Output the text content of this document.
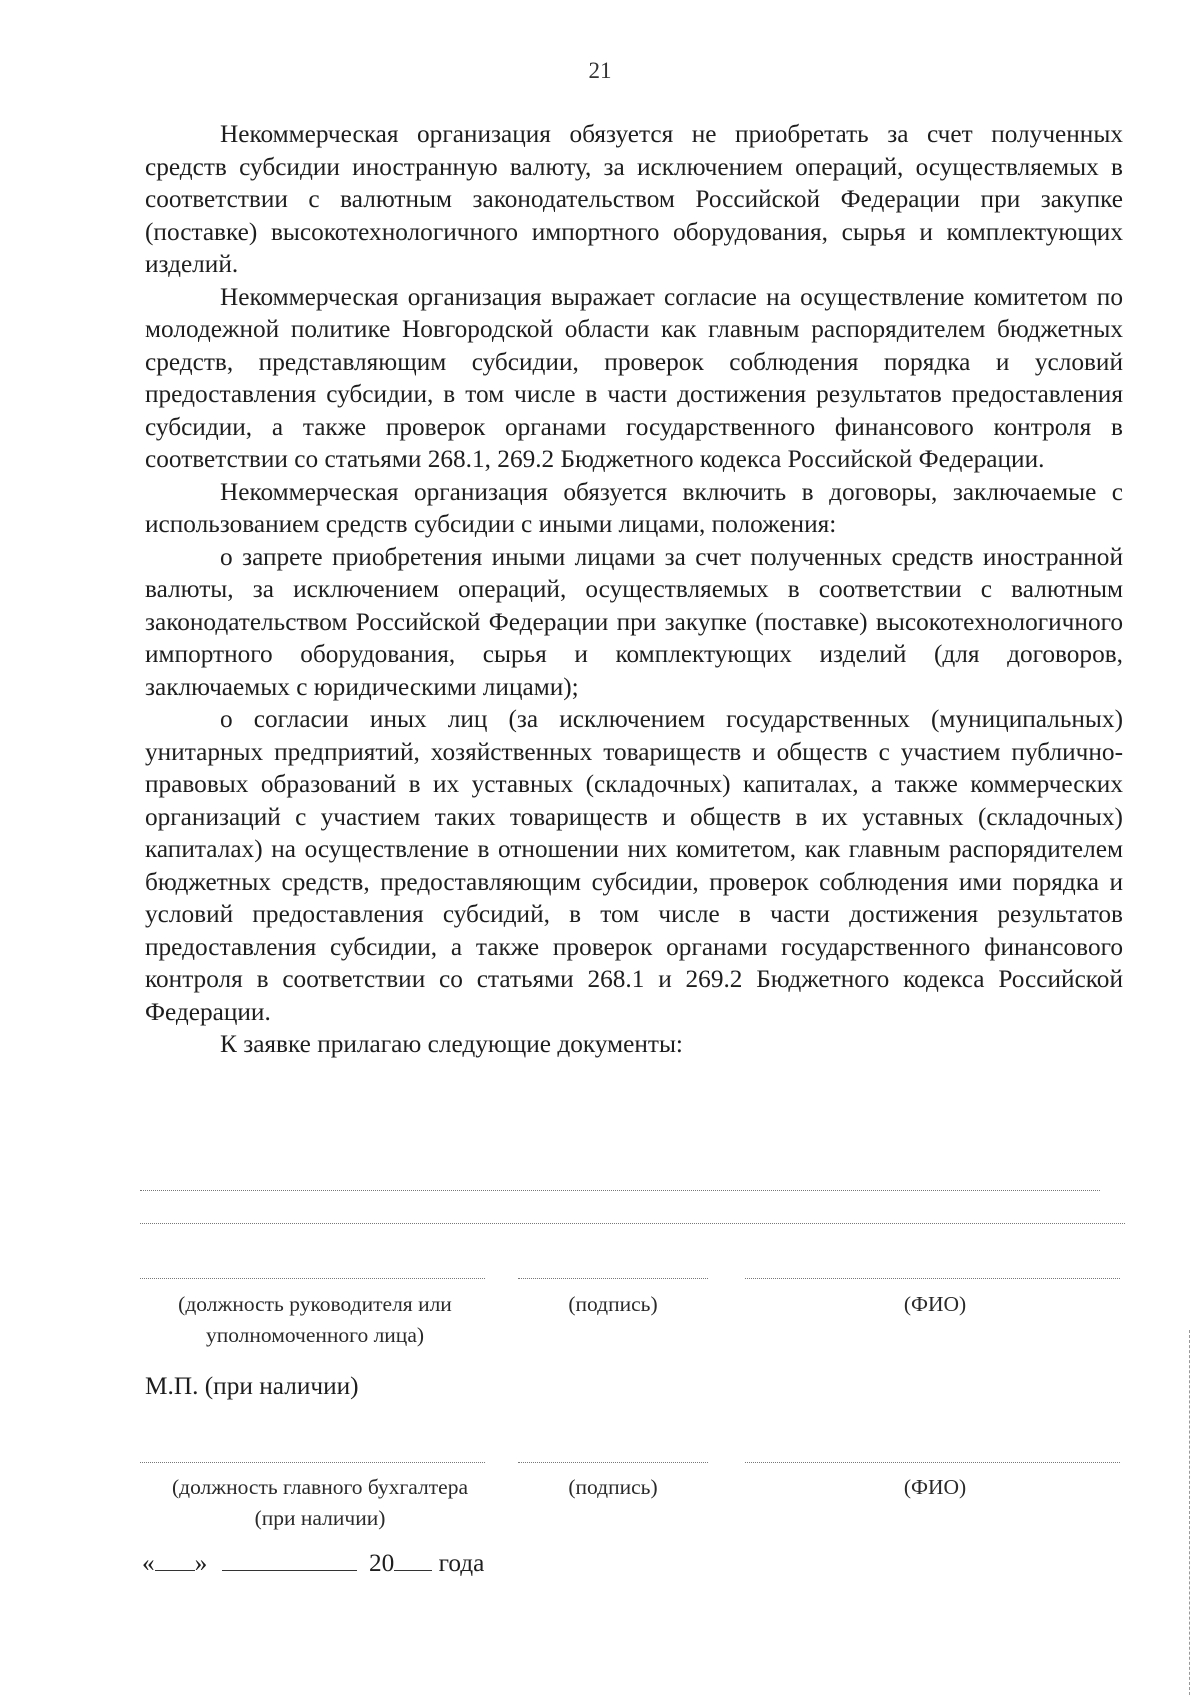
21

Некоммерческая организация обязуется не приобретать за счет полученных средств субсидии иностранную валюту, за исключением операций, осуществляемых в соответствии с валютным законодательством Российской Федерации при закупке (поставке) высокотехнологичного импортного оборудования, сырья и комплектующих изделий.

Некоммерческая организация выражает согласие на осуществление комитетом по молодежной политике Новгородской области как главным распорядителем бюджетных средств, представляющим субсидии, проверок соблюдения порядка и условий предоставления субсидии, в том числе в части достижения результатов предоставления субсидии, а также проверок органами государственного финансового контроля в соответствии со статьями 268.1, 269.2 Бюджетного кодекса Российской Федерации.

Некоммерческая организация обязуется включить в договоры, заключаемые с использованием средств субсидии с иными лицами, положения:

о запрете приобретения иными лицами за счет полученных средств иностранной валюты, за исключением операций, осуществляемых в соответствии с валютным законодательством Российской Федерации при закупке (поставке) высокотехнологичного импортного оборудования, сырья и комплектующих изделий (для договоров, заключаемых с юридическими лицами);

о согласии иных лиц (за исключением государственных (муниципальных) унитарных предприятий, хозяйственных товариществ и обществ с участием публично-правовых образований в их уставных (складочных) капиталах, а также коммерческих организаций с участием таких товариществ и обществ в их уставных (складочных) капиталах) на осуществление в отношении них комитетом, как главным распорядителем бюджетных средств, предоставляющим субсидии, проверок соблюдения ими порядка и условий предоставления субсидий, в том числе в части достижения результатов предоставления субсидии, а также проверок органами государственного финансового контроля в соответствии со статьями 268.1 и 269.2 Бюджетного кодекса Российской Федерации.

К заявке прилагаю следующие документы:

(должность руководителя или уполномоченного лица)
(подпись)	(ФИО)
М.П. (при наличии)
(должность главного бухгалтера (при наличии)
(подпись)	(ФИО)
« »	20 года
